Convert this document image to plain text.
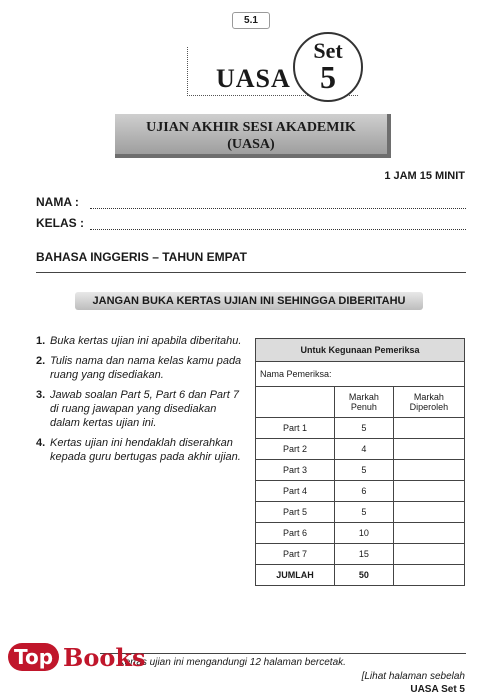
5.1
UASA
Set
5
UJIAN AKHIR SESI AKADEMIK
(UASA)
1 JAM 15 MINIT
NAMA :
KELAS :
BAHASA INGGERIS – TAHUN EMPAT
JANGAN BUKA KERTAS UJIAN INI SEHINGGA DIBERITAHU
1. Buka kertas ujian ini apabila diberitahu.
2. Tulis nama dan nama kelas kamu pada ruang yang disediakan.
3. Jawab soalan Part 5, Part 6 dan Part 7 di ruang jawapan yang disediakan dalam kertas ujian ini.
4. Kertas ujian ini hendaklah diserahkan kepada guru bertugas pada akhir ujian.
Untuk Kegunaan Pemeriksa		
Nama Pemeriksa:		
	Markah Penuh	Markah Diperoleh
Part 1	5	
Part 2	4	
Part 3	5	
Part 4	6	
Part 5	5	
Part 6	10	
Part 7	15	
JUMLAH	50	
Kertas ujian ini mengandungi 12 halaman bercetak.
[Lihat halaman sebelah
UASA Set 5
Top Books
